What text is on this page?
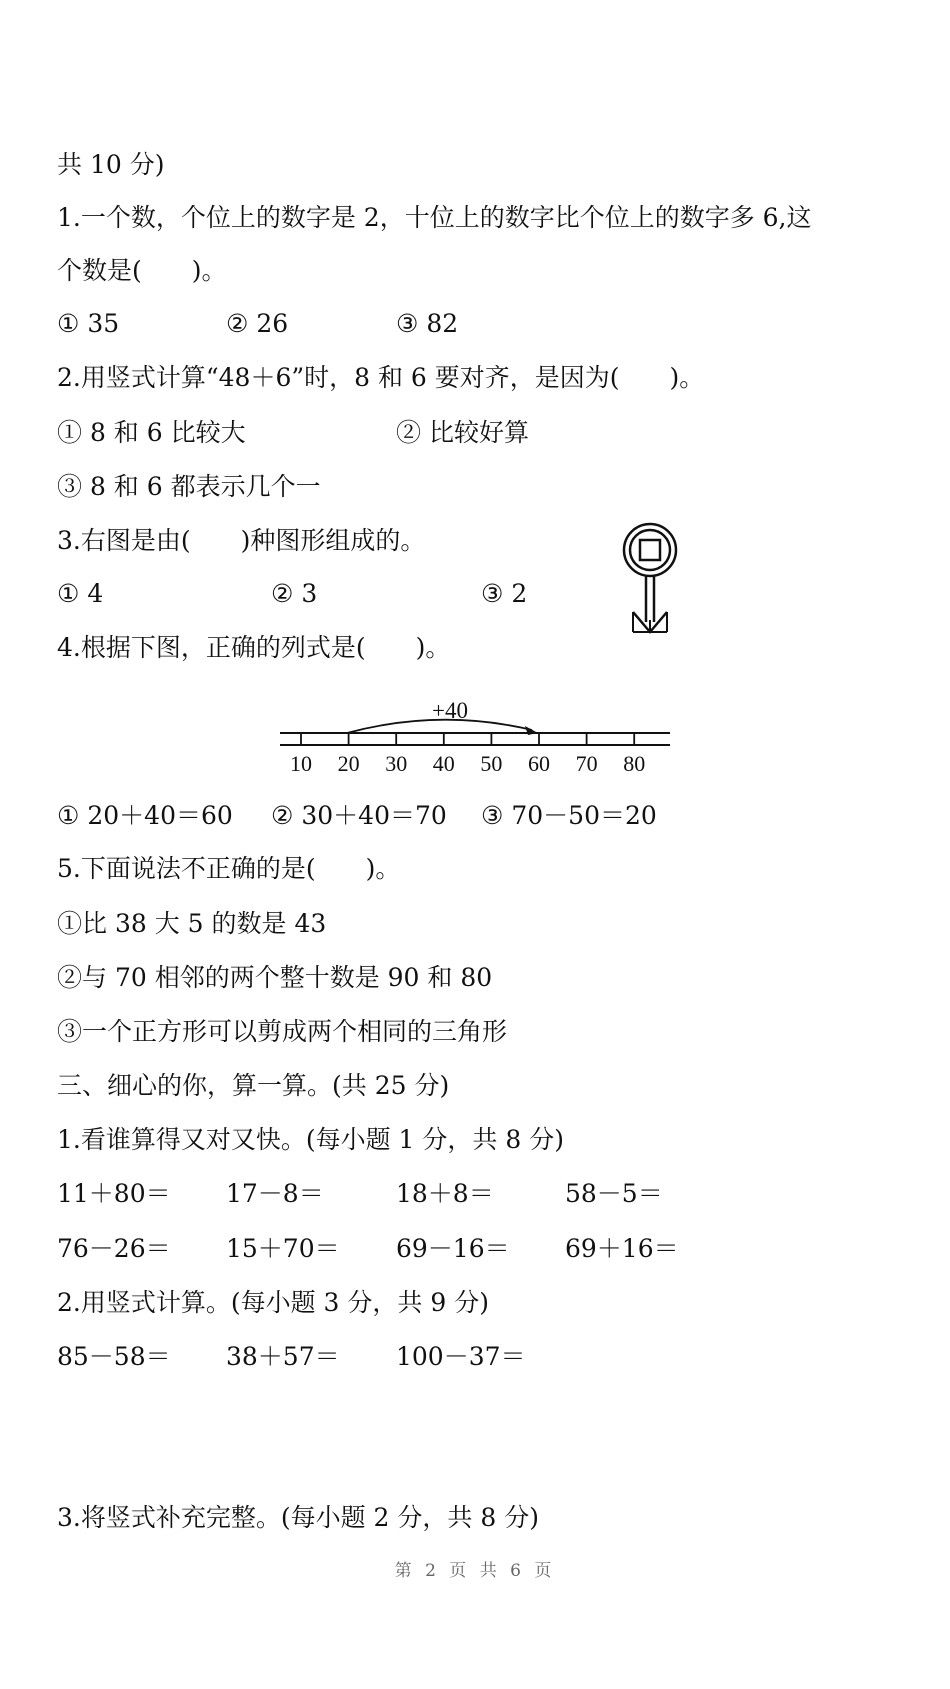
共 10 分)
1.一个数，个位上的数字是 2，十位上的数字比个位上的数字多 6,这
个数是(　　)。
① 35	② 26	③ 82
2.用竖式计算“48＋6”时，8 和 6 要对齐，是因为(　　)。
① 8 和 6 比较大	② 比较好算
③ 8 和 6 都表示几个一
3.右图是由(　　)种图形组成的。
① 4	② 3	③ 2
4.根据下图，正确的列式是(　　)。
+40
10 20 30 40 50 60 70 80
① 20＋40＝60 ② 30＋40＝70 ③ 70－50＝20
5.下面说法不正确的是(　　)。
①比 38 大 5 的数是 43
②与 70 相邻的两个整十数是 90 和 80
③一个正方形可以剪成两个相同的三角形
三、细心的你，算一算。(共 25 分)
1.看谁算得又对又快。(每小题 1 分，共 8 分)
11＋80＝ 17－8＝	18＋8＝	58－5＝
76－26＝ 15＋70＝ 69－16＝ 69＋16＝
2.用竖式计算。(每小题 3 分，共 9 分)
85－58＝ 38＋57＝ 100－37＝
3.将竖式补充完整。(每小题 2 分，共 8 分)
第 2 页 共 6 页
